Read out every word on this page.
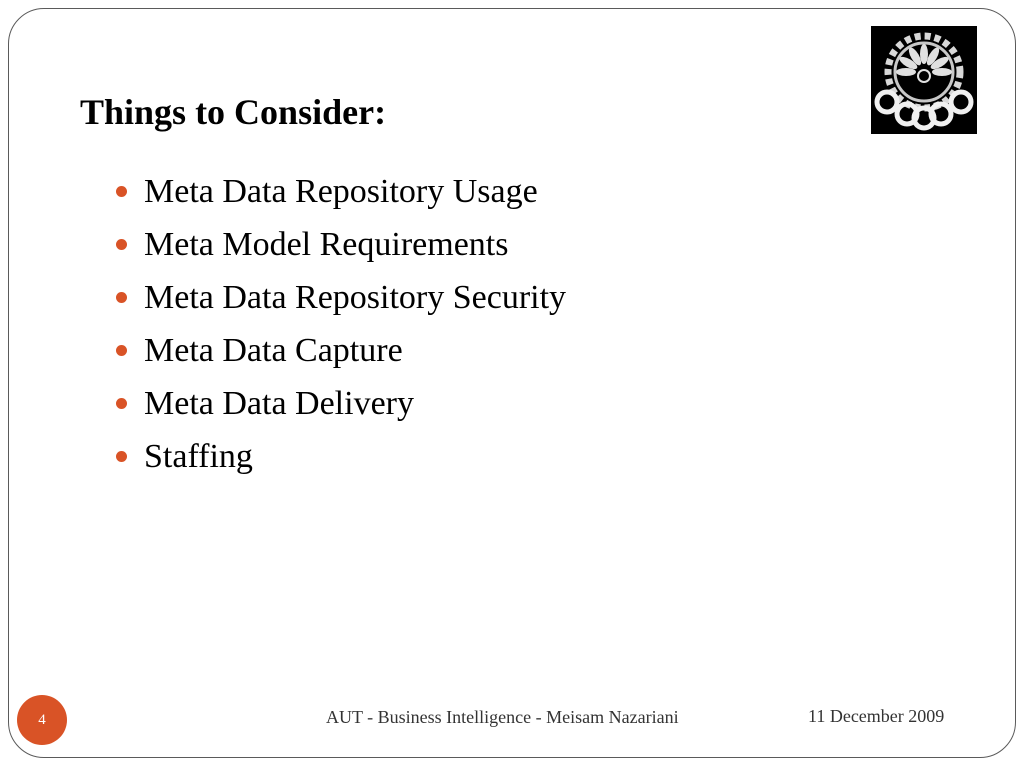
Things to Consider:
Meta Data Repository Usage
Meta Model Requirements
Meta Data Repository Security
Meta Data Capture
Meta Data Delivery
Staffing
4	AUT - Business Intelligence - Meisam Nazariani	11 December 2009
